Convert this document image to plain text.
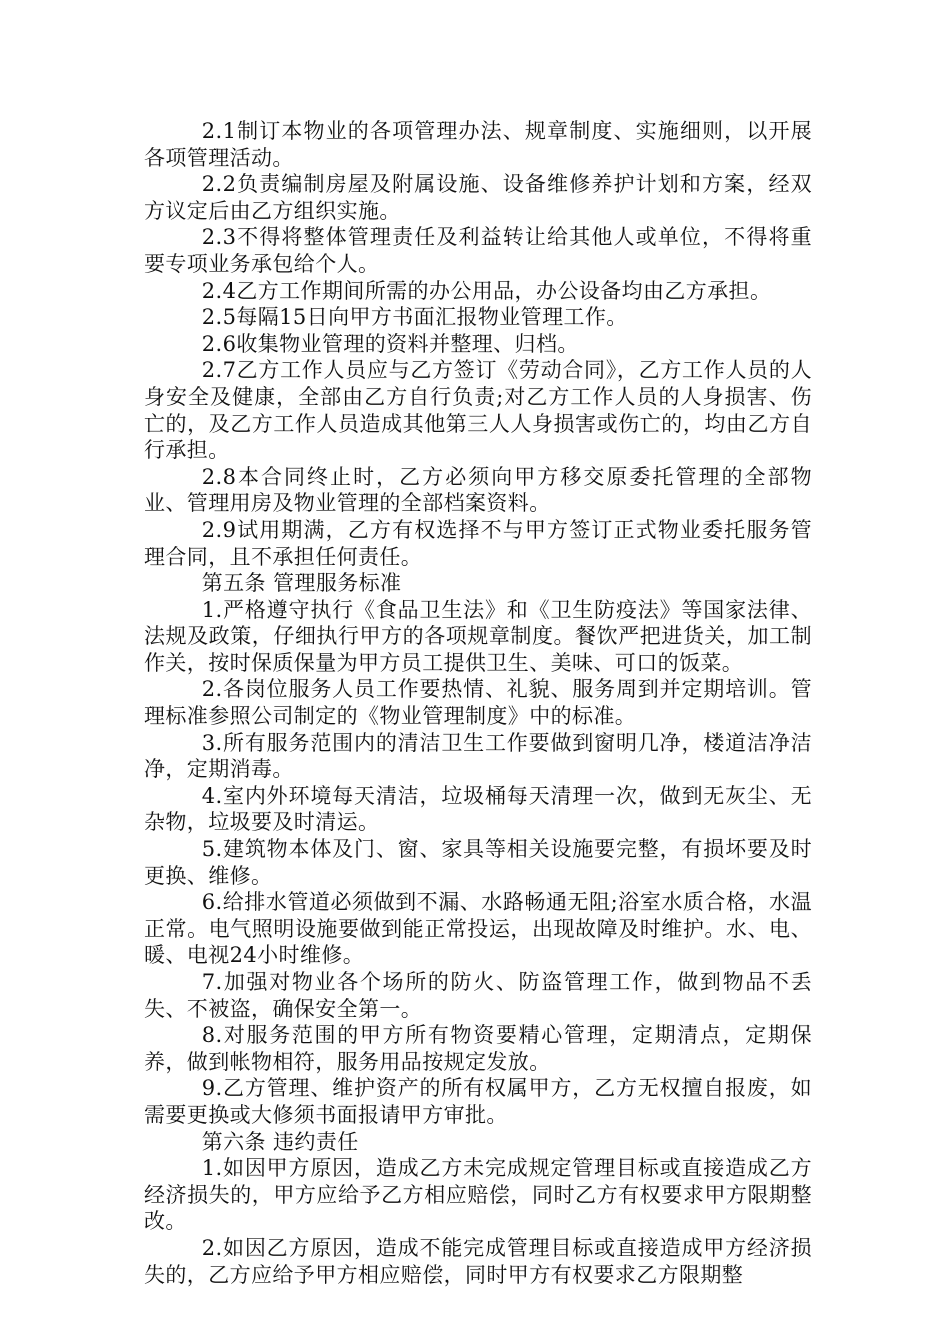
2.1制订本物业的各项管理办法、规章制度、实施细则，以开展各项管理活动。

2.2负责编制房屋及附属设施、设备维修养护计划和方案，经双方议定后由乙方组织实施。

2.3不得将整体管理责任及利益转让给其他人或单位，不得将重要专项业务承包给个人。

2.4乙方工作期间所需的办公用品，办公设备均由乙方承担。

2.5每隔15日向甲方书面汇报物业管理工作。

2.6收集物业管理的资料并整理、归档。

2.7乙方工作人员应与乙方签订《劳动合同》，乙方工作人员的人身安全及健康，全部由乙方自行负责;对乙方工作人员的人身损害、伤亡的，及乙方工作人员造成其他第三人人身损害或伤亡的，均由乙方自行承担。

2.8本合同终止时，乙方必须向甲方移交原委托管理的全部物业、管理用房及物业管理的全部档案资料。

2.9试用期满，乙方有权选择不与甲方签订正式物业委托服务管理合同，且不承担任何责任。

第五条 管理服务标准

1.严格遵守执行《食品卫生法》和《卫生防疫法》等国家法律、法规及政策，仔细执行甲方的各项规章制度。餐饮严把进货关，加工制作关，按时保质保量为甲方员工提供卫生、美味、可口的饭菜。

2.各岗位服务人员工作要热情、礼貌、服务周到并定期培训。管理标准参照公司制定的《物业管理制度》中的标准。

3.所有服务范围内的清洁卫生工作要做到窗明几净，楼道洁净洁净，定期消毒。

4.室内外环境每天清洁，垃圾桶每天清理一次，做到无灰尘、无杂物，垃圾要及时清运。

5.建筑物本体及门、窗、家具等相关设施要完整，有损坏要及时更换、维修。

6.给排水管道必须做到不漏、水路畅通无阻;浴室水质合格，水温正常。电气照明设施要做到能正常投运，出现故障及时维护。水、电、暖、电视24小时维修。

7.加强对物业各个场所的防火、防盗管理工作，做到物品不丢失、不被盗，确保安全第一。

8.对服务范围的甲方所有物资要精心管理，定期清点，定期保养，做到帐物相符，服务用品按规定发放。

9.乙方管理、维护资产的所有权属甲方，乙方无权擅自报废，如需要更换或大修须书面报请甲方审批。

第六条 违约责任

1.如因甲方原因，造成乙方未完成规定管理目标或直接造成乙方经济损失的，甲方应给予乙方相应赔偿，同时乙方有权要求甲方限期整改。

2.如因乙方原因，造成不能完成管理目标或直接造成甲方经济损失的，乙方应给予甲方相应赔偿，同时甲方有权要求乙方限期整
